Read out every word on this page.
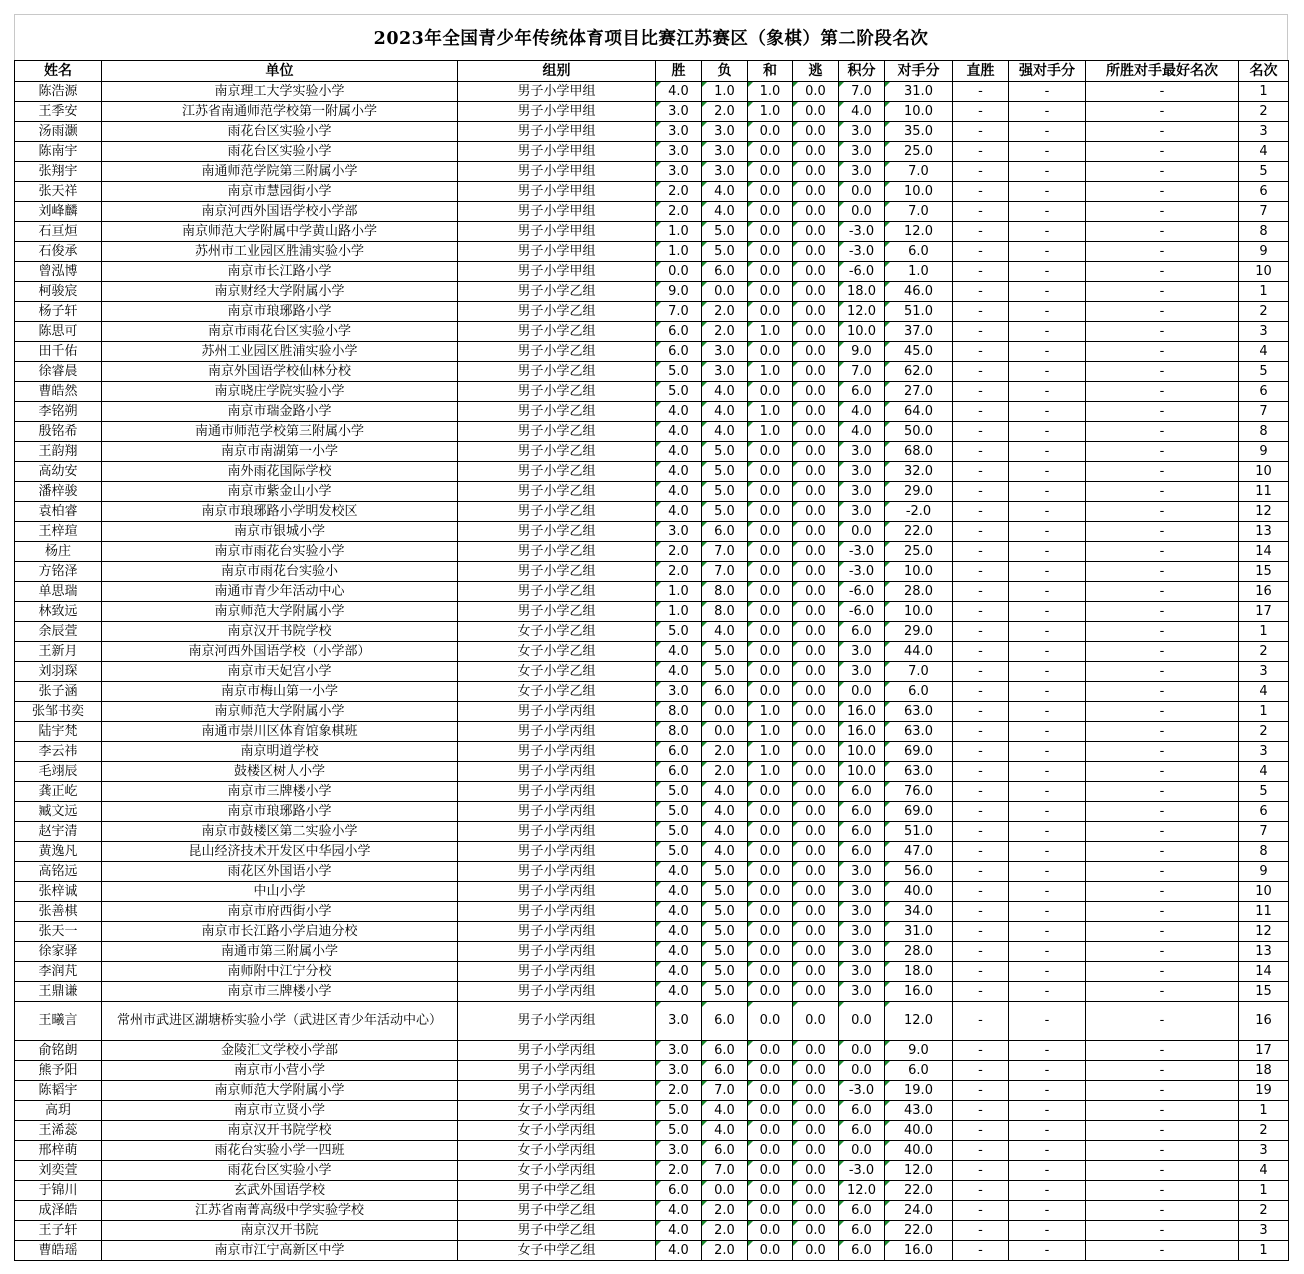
2023年全国青少年传统体育项目比赛江苏赛区（象棋）第二阶段名次
姓名	单位	组别	胜	负	和	逃	积分	对手分	直胜	强对手分	所胜对手最好名次	名次
陈浩源	南京理工大学实验小学	男子小学甲组	4.0	1.0	1.0	0.0	7.0	31.0	-	-	-	1
王季安	江苏省南通师范学校第一附属小学	男子小学甲组	3.0	2.0	1.0	0.0	4.0	10.0	-	-	-	2
汤雨灏	雨花台区实验小学	男子小学甲组	3.0	3.0	0.0	0.0	3.0	35.0	-	-	-	3
陈南宇	雨花台区实验小学	男子小学甲组	3.0	3.0	0.0	0.0	3.0	25.0	-	-	-	4
张翔宇	南通师范学院第三附属小学	男子小学甲组	3.0	3.0	0.0	0.0	3.0	7.0	-	-	-	5
张天祥	南京市慧园街小学	男子小学甲组	2.0	4.0	0.0	0.0	0.0	10.0	-	-	-	6
刘峰麟	南京河西外国语学校小学部	男子小学甲组	2.0	4.0	0.0	0.0	0.0	7.0	-	-	-	7
石亘烜	南京师范大学附属中学黄山路小学	男子小学甲组	1.0	5.0	0.0	0.0	-3.0	12.0	-	-	-	8
石俊承	苏州市工业园区胜浦实验小学	男子小学甲组	1.0	5.0	0.0	0.0	-3.0	6.0	-	-	-	9
曾泓博	南京市长江路小学	男子小学甲组	0.0	6.0	0.0	0.0	-6.0	1.0	-	-	-	10
柯骏宸	南京财经大学附属小学	男子小学乙组	9.0	0.0	0.0	0.0	18.0	46.0	-	-	-	1
杨子轩	南京市琅琊路小学	男子小学乙组	7.0	2.0	0.0	0.0	12.0	51.0	-	-	-	2
陈思可	南京市雨花台区实验小学	男子小学乙组	6.0	2.0	1.0	0.0	10.0	37.0	-	-	-	3
田千佑	苏州工业园区胜浦实验小学	男子小学乙组	6.0	3.0	0.0	0.0	9.0	45.0	-	-	-	4
徐睿晨	南京外国语学校仙林分校	男子小学乙组	5.0	3.0	1.0	0.0	7.0	62.0	-	-	-	5
曹皓然	南京晓庄学院实验小学	男子小学乙组	5.0	4.0	0.0	0.0	6.0	27.0	-	-	-	6
李铭朔	南京市瑞金路小学	男子小学乙组	4.0	4.0	1.0	0.0	4.0	64.0	-	-	-	7
殷铭希	南通市师范学校第三附属小学	男子小学乙组	4.0	4.0	1.0	0.0	4.0	50.0	-	-	-	8
王韵翔	南京市南湖第一小学	男子小学乙组	4.0	5.0	0.0	0.0	3.0	68.0	-	-	-	9
高幼安	南外雨花国际学校	男子小学乙组	4.0	5.0	0.0	0.0	3.0	32.0	-	-	-	10
潘梓骏	南京市紫金山小学	男子小学乙组	4.0	5.0	0.0	0.0	3.0	29.0	-	-	-	11
袁柏睿	南京市琅琊路小学明发校区	男子小学乙组	4.0	5.0	0.0	0.0	3.0	-2.0	-	-	-	12
王梓瑄	南京市银城小学	男子小学乙组	3.0	6.0	0.0	0.0	0.0	22.0	-	-	-	13
杨庄	南京市雨花台实验小学	男子小学乙组	2.0	7.0	0.0	0.0	-3.0	25.0	-	-	-	14
方铭泽	南京市雨花台实验小	男子小学乙组	2.0	7.0	0.0	0.0	-3.0	10.0	-	-	-	15
单思瑞	南通市青少年活动中心	男子小学乙组	1.0	8.0	0.0	0.0	-6.0	28.0	-	-	-	16
林致远	南京师范大学附属小学	男子小学乙组	1.0	8.0	0.0	0.0	-6.0	10.0	-	-	-	17
余辰萱	南京汉开书院学校	女子小学乙组	5.0	4.0	0.0	0.0	6.0	29.0	-	-	-	1
王新月	南京河西外国语学校（小学部）	女子小学乙组	4.0	5.0	0.0	0.0	3.0	44.0	-	-	-	2
刘羽琛	南京市天妃宫小学	女子小学乙组	4.0	5.0	0.0	0.0	3.0	7.0	-	-	-	3
张子涵	南京市梅山第一小学	女子小学乙组	3.0	6.0	0.0	0.0	0.0	6.0	-	-	-	4
张邹书奕	南京师范大学附属小学	男子小学丙组	8.0	0.0	1.0	0.0	16.0	63.0	-	-	-	1
陆宇梵	南通市崇川区体育馆象棋班	男子小学丙组	8.0	0.0	1.0	0.0	16.0	63.0	-	-	-	2
李云祎	南京明道学校	男子小学丙组	6.0	2.0	1.0	0.0	10.0	69.0	-	-	-	3
毛翊辰	鼓楼区树人小学	男子小学丙组	6.0	2.0	1.0	0.0	10.0	63.0	-	-	-	4
龚正屹	南京市三牌楼小学	男子小学丙组	5.0	4.0	0.0	0.0	6.0	76.0	-	-	-	5
臧文远	南京市琅琊路小学	男子小学丙组	5.0	4.0	0.0	0.0	6.0	69.0	-	-	-	6
赵宇清	南京市鼓楼区第二实验小学	男子小学丙组	5.0	4.0	0.0	0.0	6.0	51.0	-	-	-	7
黄逸凡	昆山经济技术开发区中华园小学	男子小学丙组	5.0	4.0	0.0	0.0	6.0	47.0	-	-	-	8
高铭远	雨花区外国语小学	男子小学丙组	4.0	5.0	0.0	0.0	3.0	56.0	-	-	-	9
张梓诚	中山小学	男子小学丙组	4.0	5.0	0.0	0.0	3.0	40.0	-	-	-	10
张善棋	南京市府西街小学	男子小学丙组	4.0	5.0	0.0	0.0	3.0	34.0	-	-	-	11
张天一	南京市长江路小学启迪分校	男子小学丙组	4.0	5.0	0.0	0.0	3.0	31.0	-	-	-	12
徐家驿	南通市第三附属小学	男子小学丙组	4.0	5.0	0.0	0.0	3.0	28.0	-	-	-	13
李润芃	南师附中江宁分校	男子小学丙组	4.0	5.0	0.0	0.0	3.0	18.0	-	-	-	14
王鼎谦	南京市三牌楼小学	男子小学丙组	4.0	5.0	0.0	0.0	3.0	16.0	-	-	-	15
王曦言	常州市武进区湖塘桥实验小学（武进区青少年活动中心）	男子小学丙组	3.0	6.0	0.0	0.0	0.0	12.0	-	-	-	16
俞铭朗	金陵汇文学校小学部	男子小学丙组	3.0	6.0	0.0	0.0	0.0	9.0	-	-	-	17
熊予阳	南京市小营小学	男子小学丙组	3.0	6.0	0.0	0.0	0.0	6.0	-	-	-	18
陈韬宇	南京师范大学附属小学	男子小学丙组	2.0	7.0	0.0	0.0	-3.0	19.0	-	-	-	19
高玥	南京市立贤小学	女子小学丙组	5.0	4.0	0.0	0.0	6.0	43.0	-	-	-	1
王浠蕊	南京汉开书院学校	女子小学丙组	5.0	4.0	0.0	0.0	6.0	40.0	-	-	-	2
邢梓萌	雨花台实验小学一四班	女子小学丙组	3.0	6.0	0.0	0.0	0.0	40.0	-	-	-	3
刘奕萱	雨花台区实验小学	女子小学丙组	2.0	7.0	0.0	0.0	-3.0	12.0	-	-	-	4
于锦川	玄武外国语学校	男子中学乙组	6.0	0.0	0.0	0.0	12.0	22.0	-	-	-	1
成泽皓	江苏省南菁高级中学实验学校	男子中学乙组	4.0	2.0	0.0	0.0	6.0	24.0	-	-	-	2
王子轩	南京汉开书院	男子中学乙组	4.0	2.0	0.0	0.0	6.0	22.0	-	-	-	3
曹皓瑶	南京市江宁高新区中学	女子中学乙组	4.0	2.0	0.0	0.0	6.0	16.0	-	-	-	1
